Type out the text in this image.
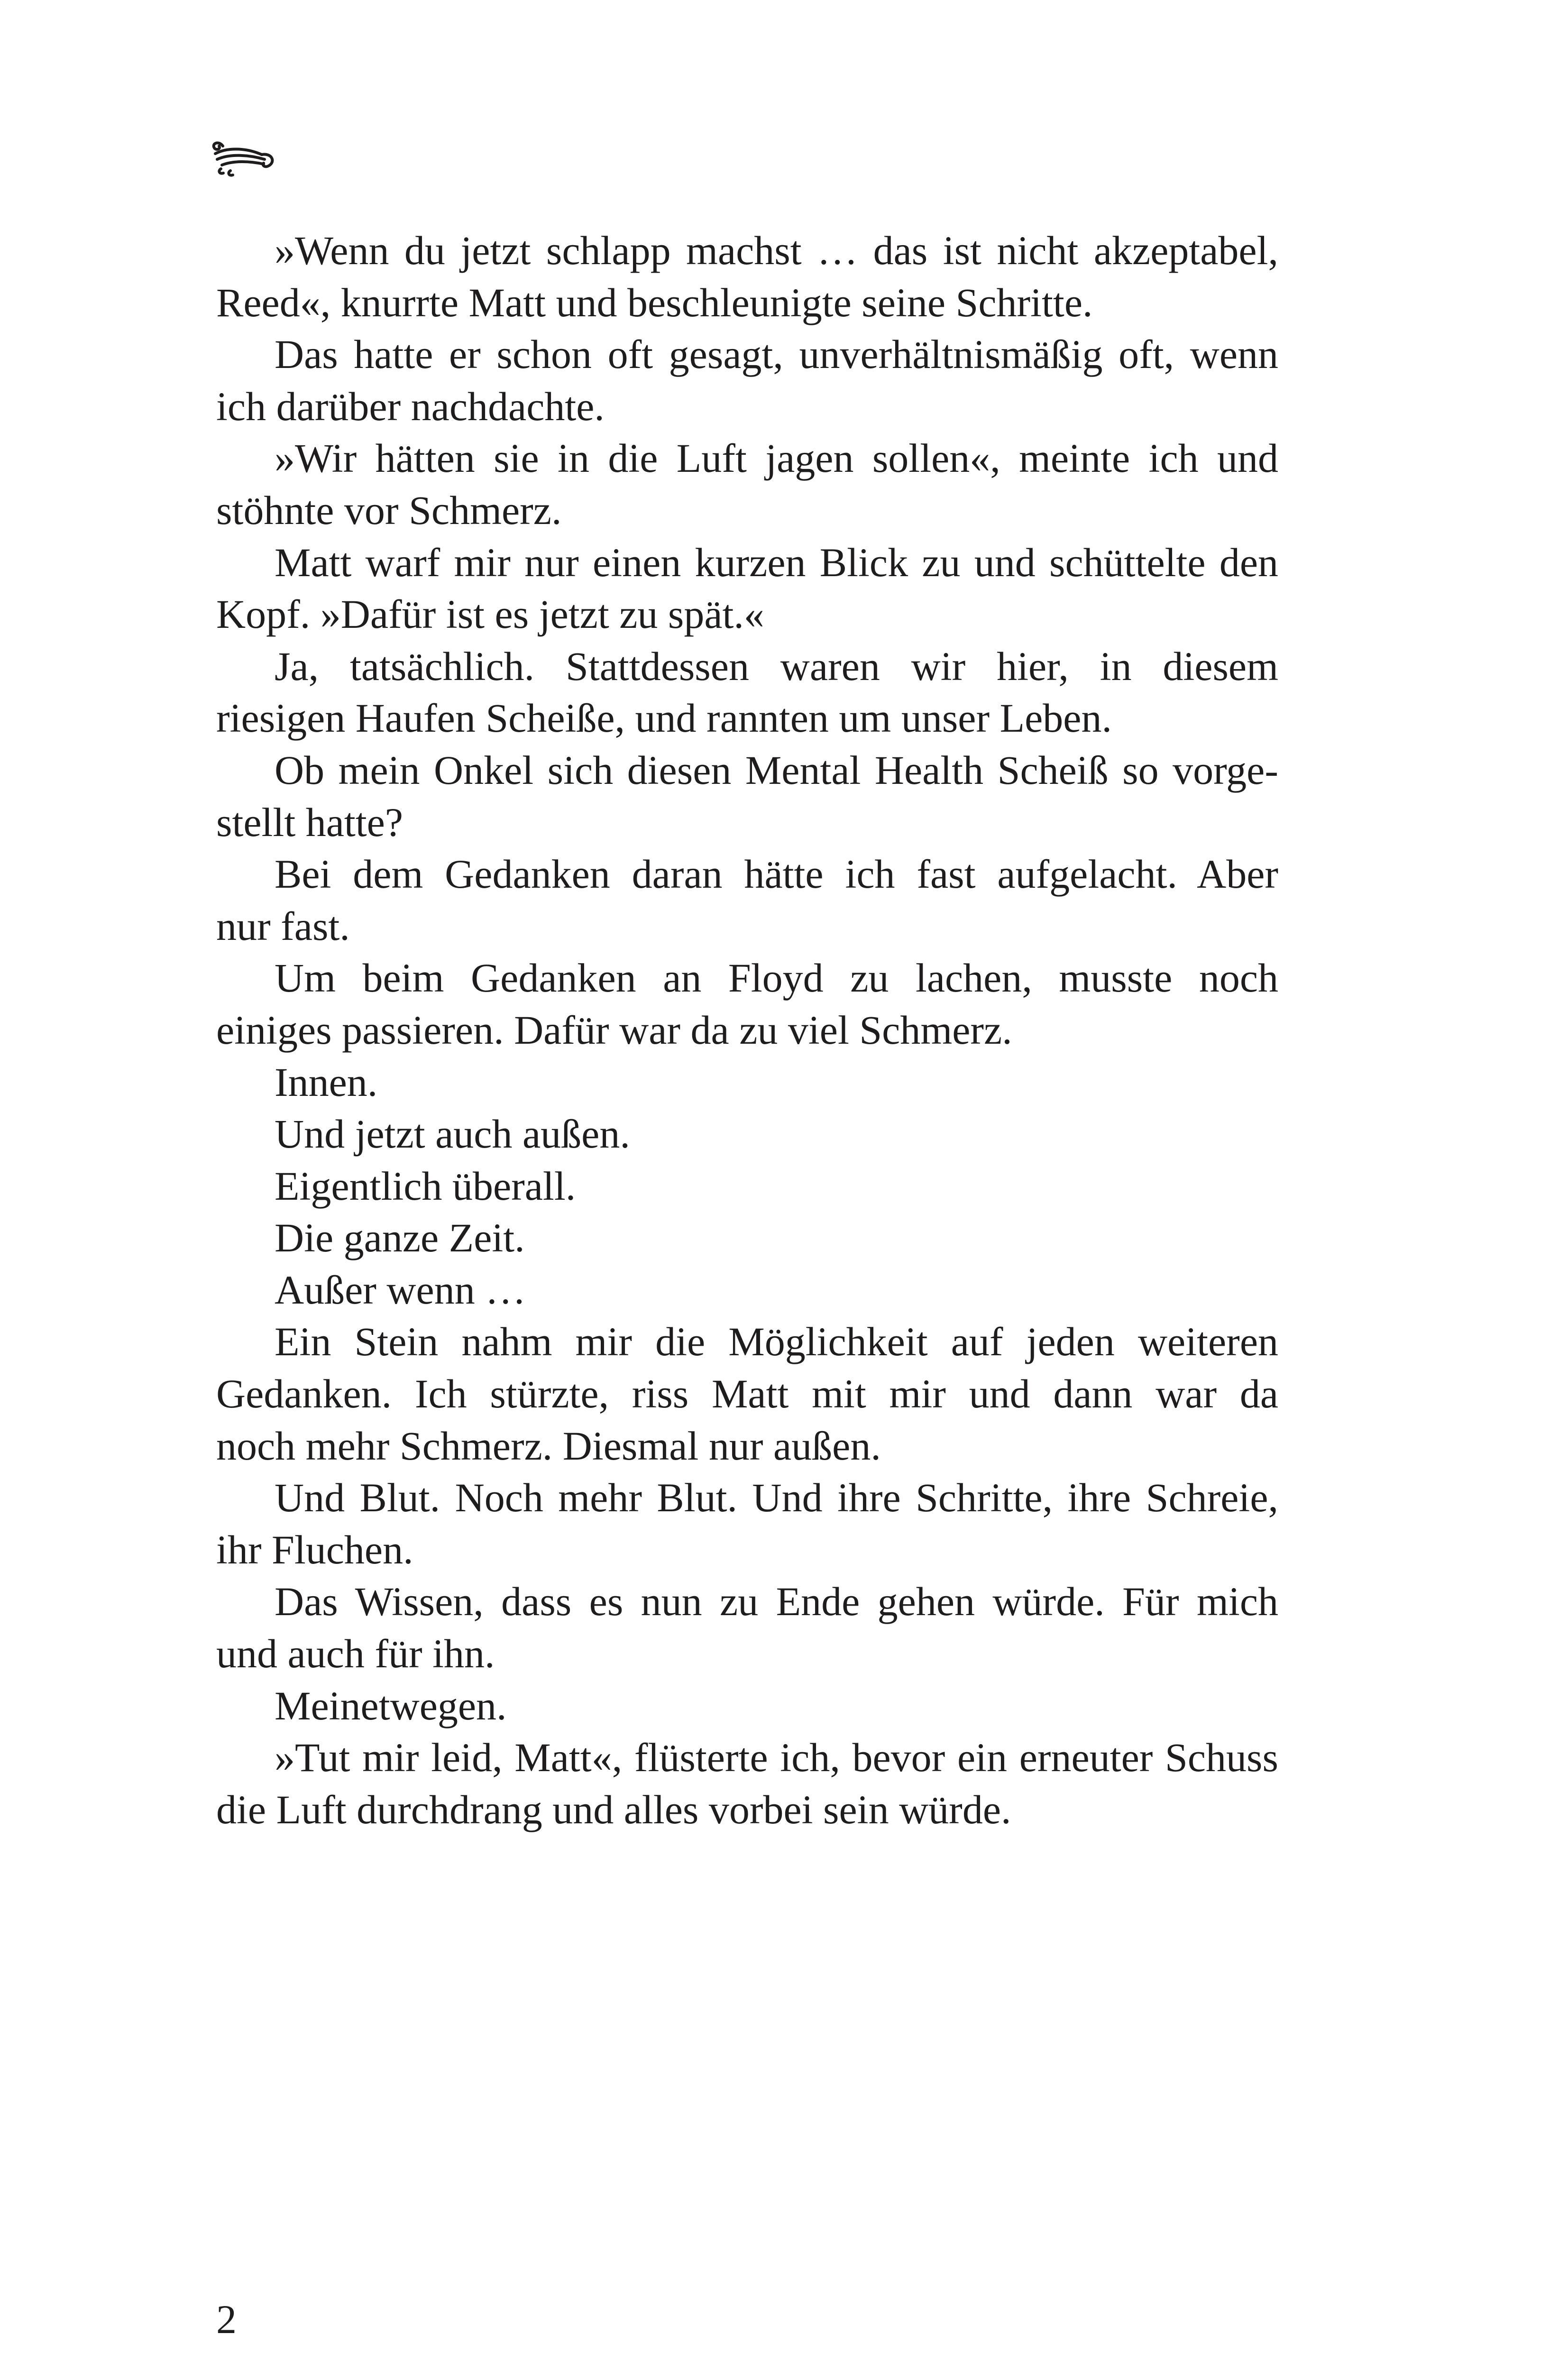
»Wenn du jetzt schlapp machst … das ist nicht akzeptabel,
Reed«, knurrte Matt und beschleunigte seine Schritte.
Das hatte er schon oft gesagt, unverhältnismäßig oft, wenn
ich darüber nachdachte.
»Wir hätten sie in die Luft jagen sollen«, meinte ich und
stöhnte vor Schmerz.
Matt warf mir nur einen kurzen Blick zu und schüttelte den
Kopf. »Dafür ist es jetzt zu spät.«
Ja, tatsächlich. Stattdessen waren wir hier, in diesem
riesigen Haufen Scheiße, und rannten um unser Leben.
Ob mein Onkel sich diesen Mental Health Scheiß so vorge-
stellt hatte?
Bei dem Gedanken daran hätte ich fast aufgelacht. Aber
nur fast.
Um beim Gedanken an Floyd zu lachen, musste noch
einiges passieren. Dafür war da zu viel Schmerz.
Innen.
Und jetzt auch außen.
Eigentlich überall.
Die ganze Zeit.
Außer wenn …
Ein Stein nahm mir die Möglichkeit auf jeden weiteren
Gedanken. Ich stürzte, riss Matt mit mir und dann war da
noch mehr Schmerz. Diesmal nur außen.
Und Blut. Noch mehr Blut. Und ihre Schritte, ihre Schreie,
ihr Fluchen.
Das Wissen, dass es nun zu Ende gehen würde. Für mich
und auch für ihn.
Meinetwegen.
»Tut mir leid, Matt«, flüsterte ich, bevor ein erneuter Schuss
die Luft durchdrang und alles vorbei sein würde.
2
